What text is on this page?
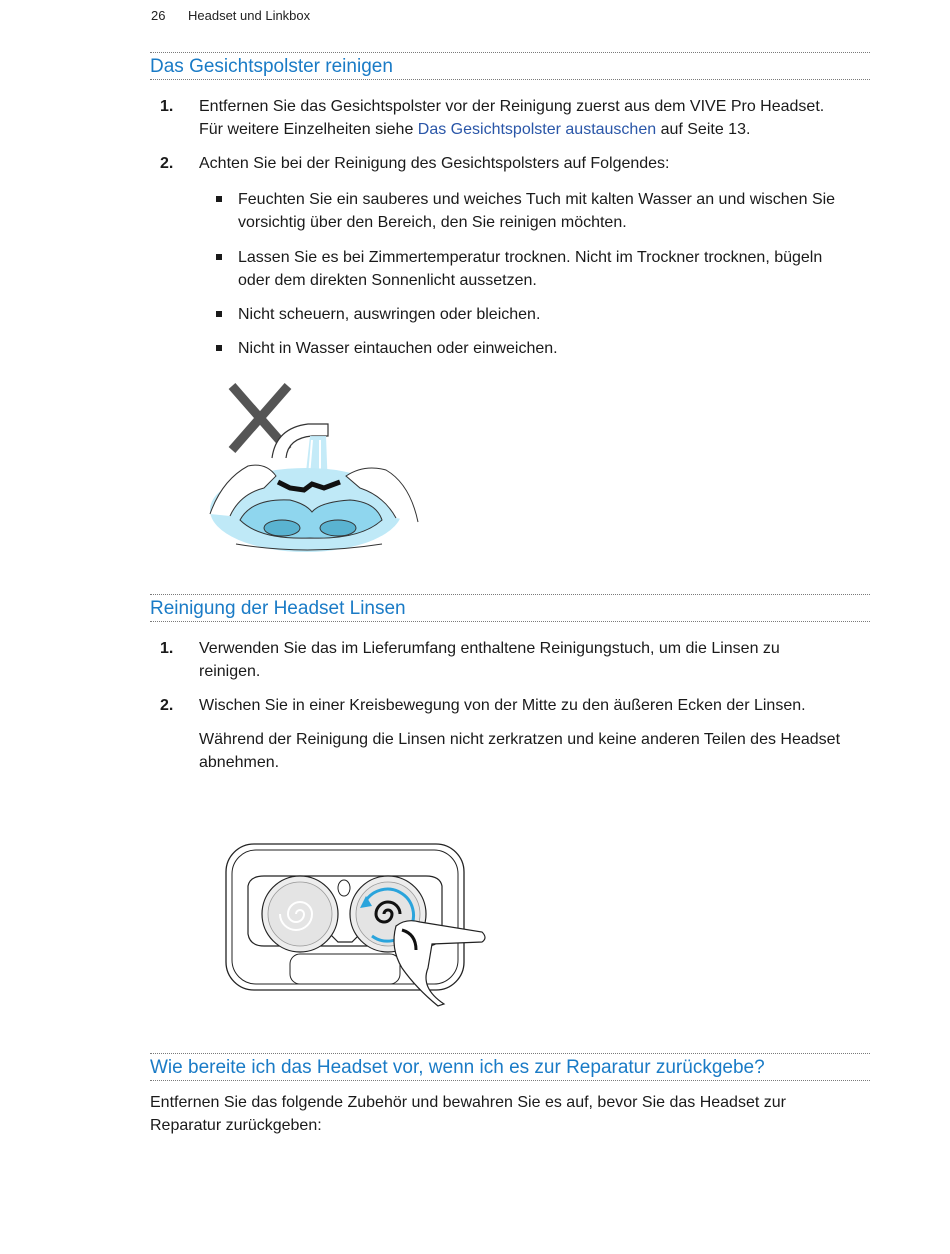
26 Headset und Linkbox
Das Gesichtspolster reinigen
1. Entfernen Sie das Gesichtspolster vor der Reinigung zuerst aus dem VIVE Pro Headset.
Für weitere Einzelheiten siehe Das Gesichtspolster austauschen auf Seite 13.
2. Achten Sie bei der Reinigung des Gesichtspolsters auf Folgendes:
Feuchten Sie ein sauberes und weiches Tuch mit kalten Wasser an und wischen Sie
vorsichtig über den Bereich, den Sie reinigen möchten.
Lassen Sie es bei Zimmertemperatur trocknen. Nicht im Trockner trocknen, bügeln
oder dem direkten Sonnenlicht aussetzen.
Nicht scheuern, auswringen oder bleichen.
Nicht in Wasser eintauchen oder einweichen.
Reinigung der Headset Linsen
1. Verwenden Sie das im Lieferumfang enthaltene Reinigungstuch, um die Linsen zu
reinigen.
2. Wischen Sie in einer Kreisbewegung von der Mitte zu den äußeren Ecken der Linsen.
Während der Reinigung die Linsen nicht zerkratzen und keine anderen Teilen des Headset
abnehmen.
Wie bereite ich das Headset vor, wenn ich es zur Reparatur zurückgebe?
Entfernen Sie das folgende Zubehör und bewahren Sie es auf, bevor Sie das Headset zur
Reparatur zurückgeben:
